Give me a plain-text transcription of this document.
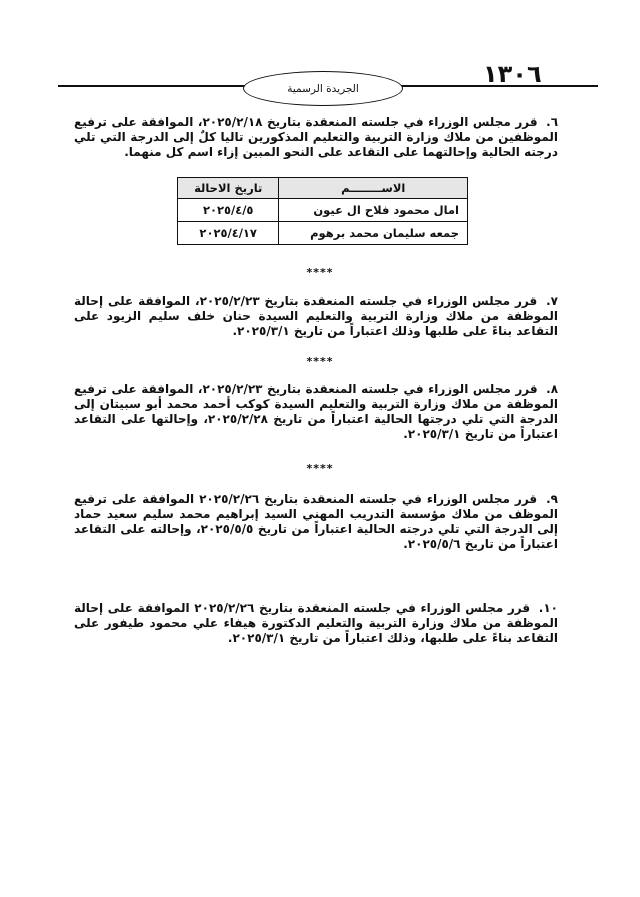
١٣٠٦
الجريدة الرسمية
٦. قرر مجلس الوزراء في جلسته المنعقدة بتاريخ ٢٠٢٥/٢/١٨، الموافقة على ترفيع الموظفين من ملاك وزارة التربية والتعليم المذكورين تاليا كلٌ إلى الدرجة التي تلي درجته الحالية وإحالتهما على التقاعد على النحو المبين إزاء اسم كل منهما.
الاســــــــم	تاريخ الاحالة
امال محمود فلاح ال عيون	٢٠٢٥/٤/٥
جمعه سليمان محمد برهوم	٢٠٢٥/٤/١٧
****
٧. قرر مجلس الوزراء في جلسته المنعقدة بتاريخ ٢٠٢٥/٢/٢٣، الموافقة على إحالة الموظفة من ملاك وزارة التربية والتعليم السيدة حنان خلف سليم الزيود على التقاعد بناءً على طلبها وذلك اعتباراً من تاريخ ٢٠٢٥/٣/١.
****
٨. قرر مجلس الوزراء في جلسته المنعقدة بتاريخ ٢٠٢٥/٢/٢٣، الموافقة على ترفيع الموظفة من ملاك وزارة التربية والتعليم السيدة كوكب أحمد محمد أبو سبيتان إلى الدرجة التي تلي درجتها الحالية اعتباراً من تاريخ ٢٠٢٥/٢/٢٨، وإحالتها على التقاعد اعتباراً من تاريخ ٢٠٢٥/٣/١.
****
٩. قرر مجلس الوزراء في جلسته المنعقدة بتاريخ ٢٠٢٥/٢/٢٦ الموافقة على ترفيع الموظف من ملاك مؤسسة التدريب المهني السيد إبراهيم محمد سليم سعيد حماد إلى الدرجة التي تلي درجته الحالية اعتباراً من تاريخ ٢٠٢٥/٥/٥، وإحالته على التقاعد اعتباراً من تاريخ ٢٠٢٥/٥/٦.
١٠. قرر مجلس الوزراء في جلسته المنعقدة بتاريخ ٢٠٢٥/٢/٢٦ الموافقة على إحالة الموظفة من ملاك وزارة التربية والتعليم الدكتورة هيفاء علي محمود طيفور على التقاعد بناءً على طلبها، وذلك اعتباراً من تاريخ ٢٠٢٥/٣/١.
